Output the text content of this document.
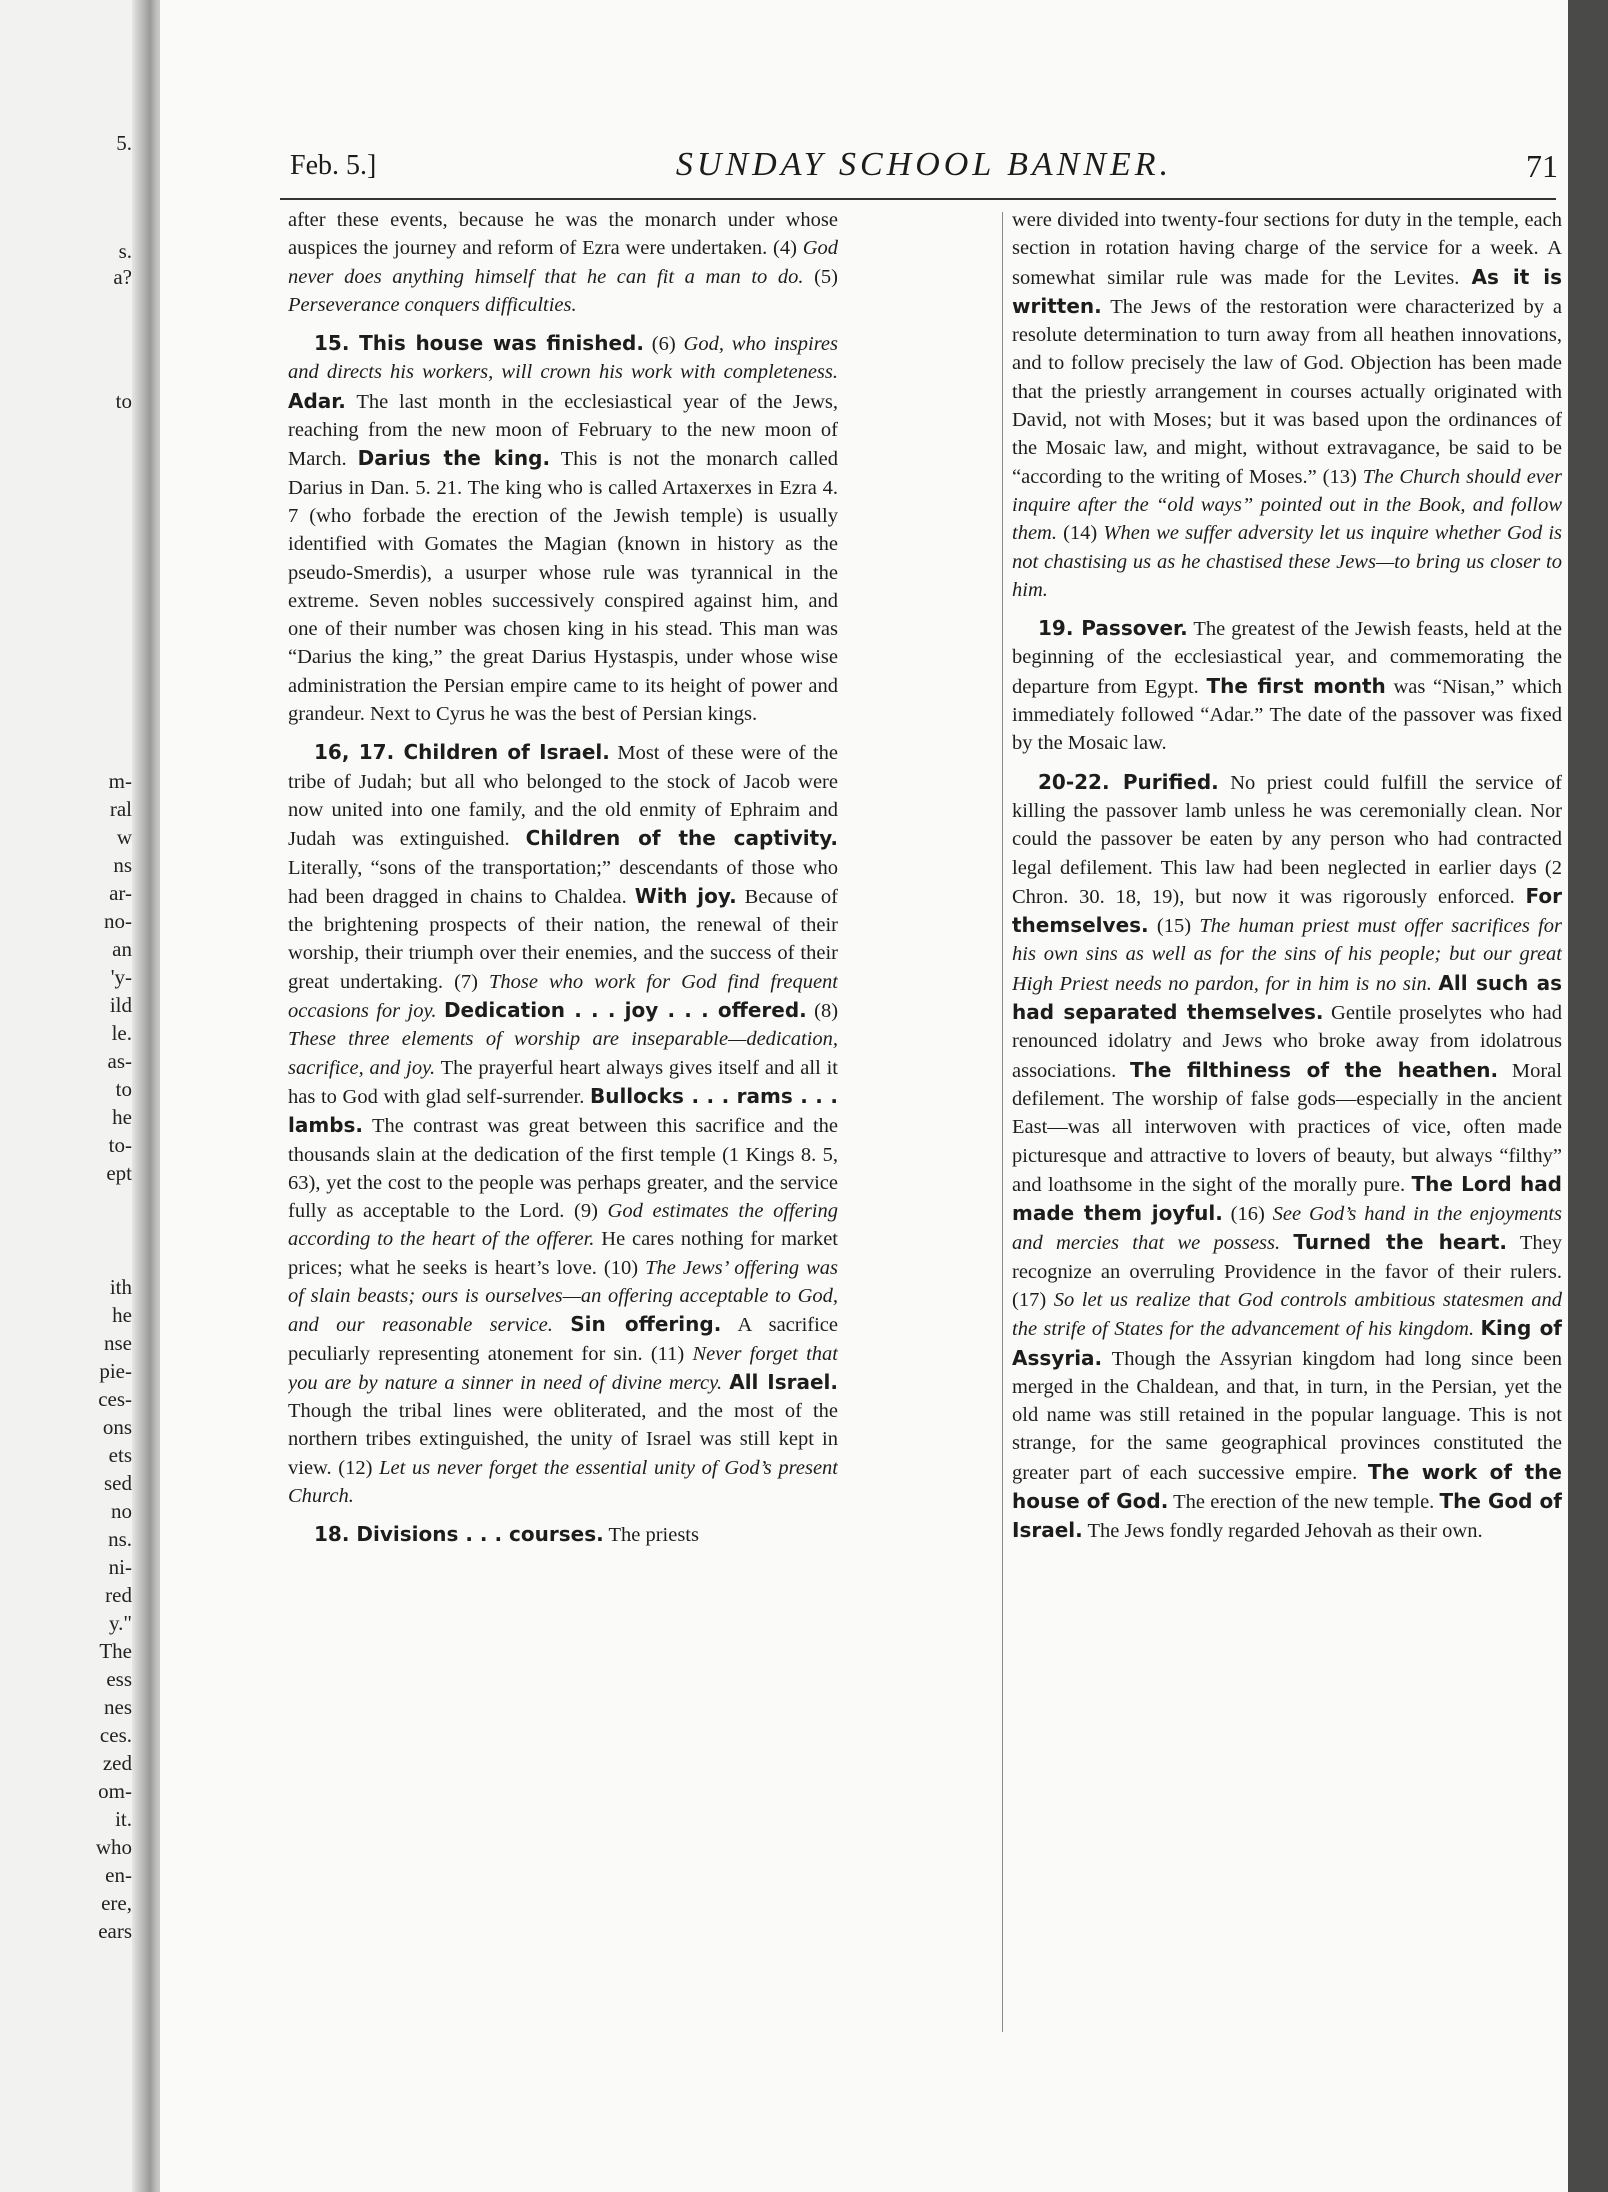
5.
s.
a?
to
m-
ral
w
ns
ar-
no-
an
'y-
ild
le.
as-
to
he
to-
ept
ith
he
nse
pie-
ces-
ons
ets
sed
no
ns.
ni-
red
y."
The
ess
nes
ces.
zed
om-
it.
who
en-
ere,
ears
Feb. 5.]	SUNDAY SCHOOL BANNER.	71

after these events, because he was the monarch under whose auspices the journey and reform of Ezra were undertaken. (4) God never does anything himself that he can fit a man to do. (5) Perseverance conquers difficulties.

15. This house was finished. (6) God, who inspires and directs his workers, will crown his work with completeness. Adar. The last month in the ecclesiastical year of the Jews, reaching from the new moon of February to the new moon of March. Darius the king. This is not the monarch called Darius in Dan. 5. 21. The king who is called Artaxerxes in Ezra 4. 7 (who forbade the erection of the Jewish temple) is usually identified with Gomates the Magian (known in history as the pseudo-Smerdis), a usurper whose rule was tyrannical in the extreme. Seven nobles successively conspired against him, and one of their number was chosen king in his stead. This man was “Darius the king,” the great Darius Hystaspis, under whose wise administration the Persian empire came to its height of power and grandeur. Next to Cyrus he was the best of Persian kings.

16, 17. Children of Israel. Most of these were of the tribe of Judah; but all who belonged to the stock of Jacob were now united into one family, and the old enmity of Ephraim and Judah was extinguished. Children of the captivity. Literally, “sons of the transportation;” descendants of those who had been dragged in chains to Chaldea. With joy. Because of the brightening prospects of their nation, the renewal of their worship, their triumph over their enemies, and the success of their great undertaking. (7) Those who work for God find frequent occasions for joy. Dedication . . . joy . . . offered. (8) These three elements of worship are inseparable—dedication, sacrifice, and joy. The prayerful heart always gives itself and all it has to God with glad self-surrender. Bullocks . . . rams . . . lambs. The contrast was great between this sacrifice and the thousands slain at the dedication of the first temple (1 Kings 8. 5, 63), yet the cost to the people was perhaps greater, and the service fully as acceptable to the Lord. (9) God estimates the offering according to the heart of the offerer. He cares nothing for market prices; what he seeks is heart’s love. (10) The Jews’ offering was of slain beasts; ours is ourselves—an offering acceptable to God, and our reasonable service. Sin offering. A sacrifice peculiarly representing atonement for sin. (11) Never forget that you are by nature a sinner in need of divine mercy. All Israel. Though the tribal lines were obliterated, and the most of the northern tribes extinguished, the unity of Israel was still kept in view. (12) Let us never forget the essential unity of God’s present Church.

18. Divisions . . . courses. The priests

were divided into twenty-four sections for duty in the temple, each section in rotation having charge of the service for a week. A somewhat similar rule was made for the Levites. As it is written. The Jews of the restoration were characterized by a resolute determination to turn away from all heathen innovations, and to follow precisely the law of God. Objection has been made that the priestly arrangement in courses actually originated with David, not with Moses; but it was based upon the ordinances of the Mosaic law, and might, without extravagance, be said to be “according to the writing of Moses.” (13) The Church should ever inquire after the “old ways” pointed out in the Book, and follow them. (14) When we suffer adversity let us inquire whether God is not chastising us as he chastised these Jews—to bring us closer to him.

19. Passover. The greatest of the Jewish feasts, held at the beginning of the ecclesiastical year, and commemorating the departure from Egypt. The first month was “Nisan,” which immediately followed “Adar.” The date of the passover was fixed by the Mosaic law.

20-22. Purified. No priest could fulfill the service of killing the passover lamb unless he was ceremonially clean. Nor could the passover be eaten by any person who had contracted legal defilement. This law had been neglected in earlier days (2 Chron. 30. 18, 19), but now it was rigorously enforced. For themselves. (15) The human priest must offer sacrifices for his own sins as well as for the sins of his people; but our great High Priest needs no pardon, for in him is no sin. All such as had separated themselves. Gentile proselytes who had renounced idolatry and Jews who broke away from idolatrous associations. The filthiness of the heathen. Moral defilement. The worship of false gods—especially in the ancient East—was all interwoven with practices of vice, often made picturesque and attractive to lovers of beauty, but always “filthy” and loathsome in the sight of the morally pure. The Lord had made them joyful. (16) See God’s hand in the enjoyments and mercies that we possess. Turned the heart. They recognize an overruling Providence in the favor of their rulers. (17) So let us realize that God controls ambitious statesmen and the strife of States for the advancement of his kingdom. King of Assyria. Though the Assyrian kingdom had long since been merged in the Chaldean, and that, in turn, in the Persian, yet the old name was still retained in the popular language. This is not strange, for the same geographical provinces constituted the greater part of each successive empire. The work of the house of God. The erection of the new temple. The God of Israel. The Jews fondly regarded Jehovah as their own.
